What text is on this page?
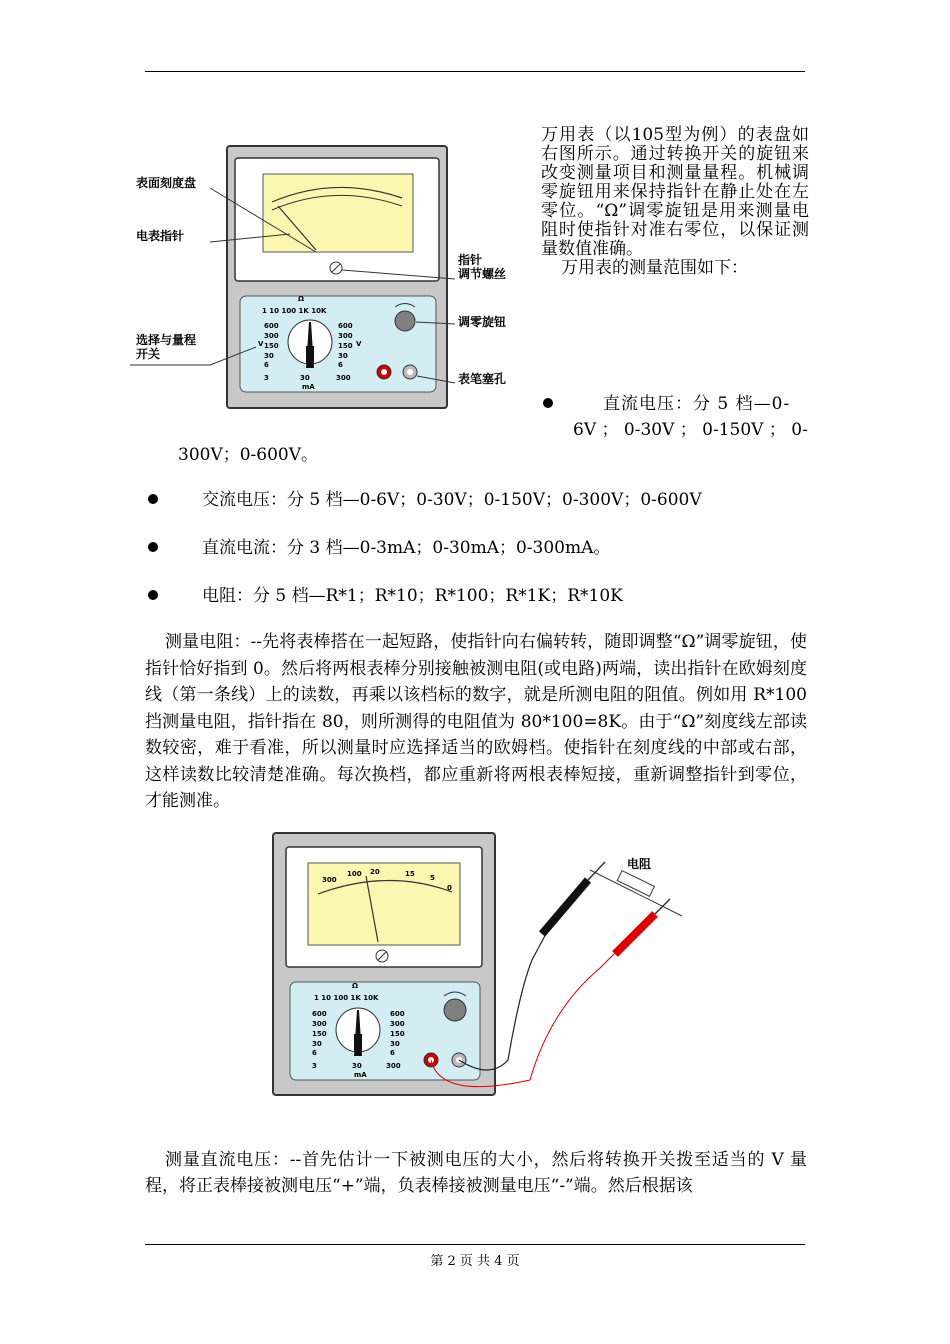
Ω
1 10 100 1K 10K
600
300
150
30
6
600
300
150
30
6
V	V
3	30	300
mA
表面刻度盘
电表指针
指针
调节螺丝
调零旋钮
选择与量程
开关
表笔塞孔

万用表（以105型为例）的表盘如右图所示。通过转换开关的旋钮来改变测量项目和测量量程。机械调零旋钮用来保持指针在静止处在左零位。“Ω”调零旋钮是用来测量电阻时使指针对准右零位，以保证测量数值准确。

万用表的测量范围如下：

直流电压：分 5 档—0-
6V ； 0-30V ； 0-150V ； 0-
300V；0-600V。
交流电压：分 5 档—0-6V；0-30V；0-150V；0-300V；0-600V
直流电流：分 3 档—0-3mA；0-30mA；0-300mA。
电阻：分 5 档—R*1；R*10；R*100；R*1K；R*10K

测量电阻：--先将表棒搭在一起短路，使指针向右偏转转，随即调整“Ω”调零旋钮，使指针恰好指到 0。然后将两根表棒分别接触被测电阻(或电路)两端，读出指针在欧姆刻度线（第一条线）上的读数，再乘以该档标的数字，就是所测电阻的阻值。例如用 R*100 挡测量电阻，指针指在 80，则所测得的电阻值为 80*100=8K。由于“Ω”刻度线左部读数较密，难于看准，所以测量时应选择适当的欧姆档。使指针在刻度线的中部或右部，这样读数比较清楚准确。每次换档，都应重新将两根表棒短接，重新调整指针到零位，才能测准。

300
100 20	15 5
0
Ω
1 10 100 1K 10K
600
300
150
30
6
600
300
150
30
6
3	30	300
mA
电阻

测量直流电压：--首先估计一下被测电压的大小，然后将转换开关拨至适当的 V 量程，将正表棒接被测电压“+”端，负表棒接被测量电压“-”端。然后根据该

第 2 页 共 4 页
